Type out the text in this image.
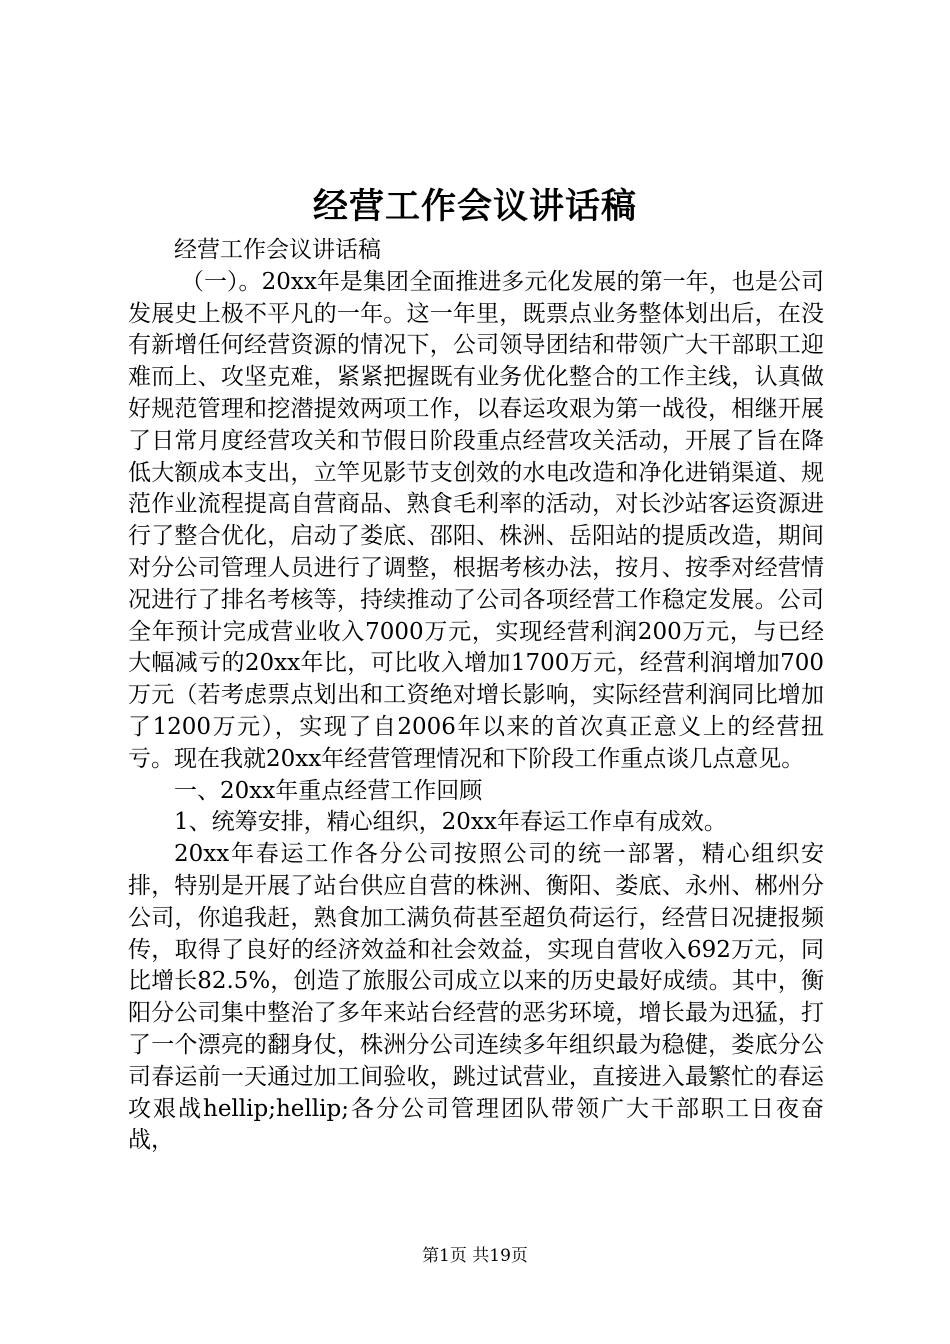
经营工作会议讲话稿

经营工作会议讲话稿

（一）。20xx年是集团全面推进多元化发展的第一年，也是公司发展史上极不平凡的一年。这一年里，既票点业务整体划出后，在没有新增任何经营资源的情况下，公司领导团结和带领广大干部职工迎难而上、攻坚克难，紧紧把握既有业务优化整合的工作主线，认真做好规范管理和挖潜提效两项工作，以春运攻艰为第一战役，相继开展了日常月度经营攻关和节假日阶段重点经营攻关活动，开展了旨在降低大额成本支出，立竿见影节支创效的水电改造和净化进销渠道、规范作业流程提高自营商品、熟食毛利率的活动，对长沙站客运资源进行了整合优化，启动了娄底、邵阳、株洲、岳阳站的提质改造，期间对分公司管理人员进行了调整，根据考核办法，按月、按季对经营情况进行了排名考核等，持续推动了公司各项经营工作稳定发展。公司全年预计完成营业收入7000万元，实现经营利润200万元，与已经大幅减亏的20xx年比，可比收入增加1700万元，经营利润增加700万元（若考虑票点划出和工资绝对增长影响，实际经营利润同比增加了1200万元），实现了自2006年以来的首次真正意义上的经营扭亏。现在我就20xx年经营管理情况和下阶段工作重点谈几点意见。

一、20xx年重点经营工作回顾

1、统筹安排，精心组织，20xx年春运工作卓有成效。

20xx年春运工作各分公司按照公司的统一部署，精心组织安排，特别是开展了站台供应自营的株洲、衡阳、娄底、永州、郴州分公司，你追我赶，熟食加工满负荷甚至超负荷运行，经营日况捷报频传，取得了良好的经济效益和社会效益，实现自营收入692万元，同比增长82.5%，创造了旅服公司成立以来的历史最好成绩。其中，衡阳分公司集中整治了多年来站台经营的恶劣环境，增长最为迅猛，打了一个漂亮的翻身仗，株洲分公司连续多年组织最为稳健，娄底分公司春运前一天通过加工间验收，跳过试营业，直接进入最繁忙的春运攻艰战hellip;hellip;各分公司管理团队带领广大干部职工日夜奋战，

第1页 共19页
